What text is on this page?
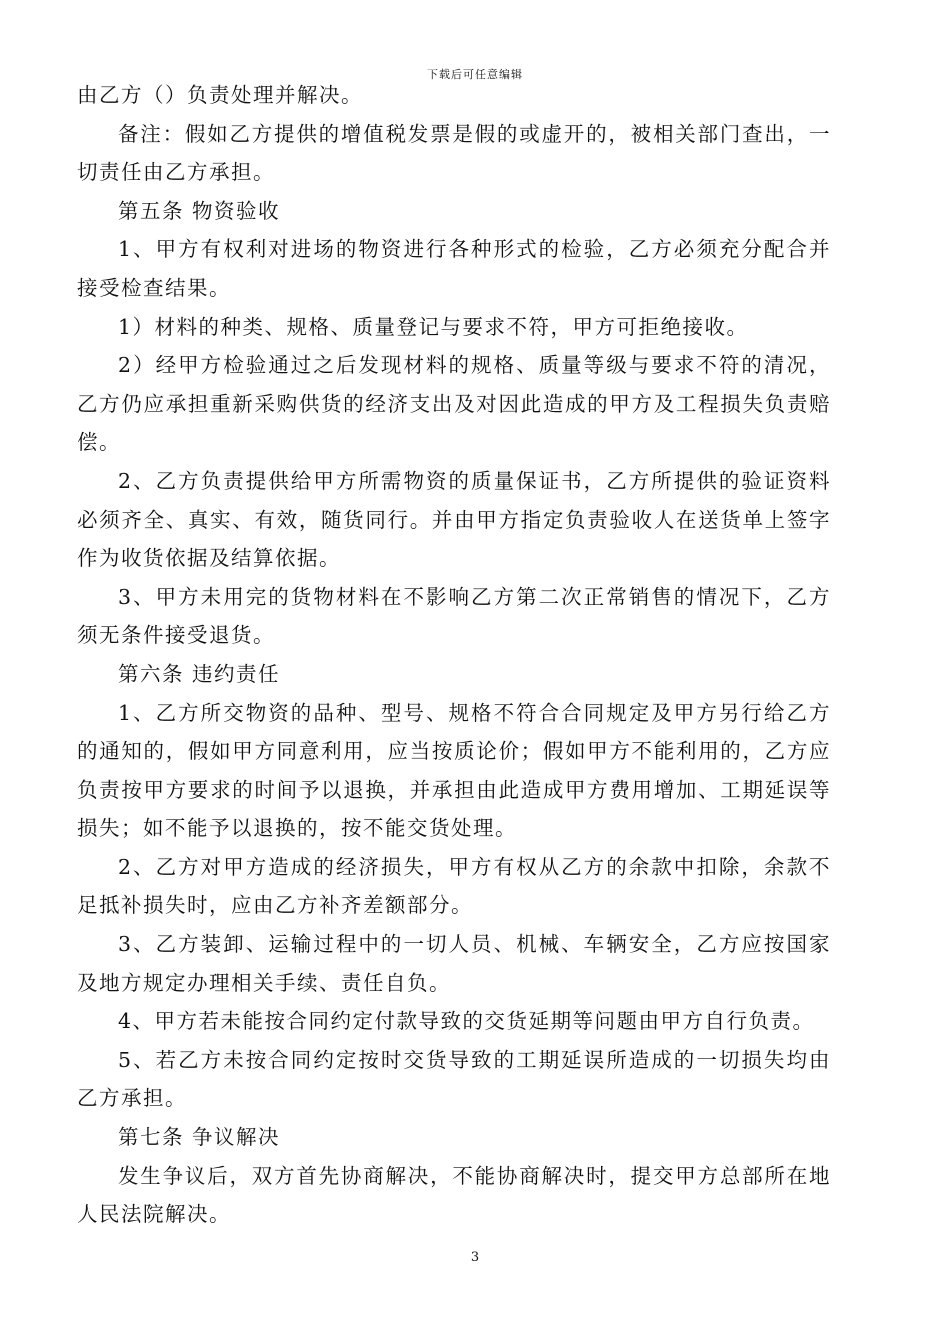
下载后可任意编辑

由乙方（）负责处理并解决。

备注：假如乙方提供的增值税发票是假的或虚开的，被相关部门查出，一切责任由乙方承担。

第五条 物资验收

1、甲方有权利对进场的物资进行各种形式的检验，乙方必须充分配合并接受检查结果。

1）材料的种类、规格、质量登记与要求不符，甲方可拒绝接收。

2）经甲方检验通过之后发现材料的规格、质量等级与要求不符的清况，乙方仍应承担重新采购供货的经济支出及对因此造成的甲方及工程损失负责赔偿。

2、乙方负责提供给甲方所需物资的质量保证书，乙方所提供的验证资料必须齐全、真实、有效，随货同行。并由甲方指定负责验收人在送货单上签字作为收货依据及结算依据。

3、甲方未用完的货物材料在不影响乙方第二次正常销售的情况下，乙方须无条件接受退货。

第六条 违约责任

1、乙方所交物资的品种、型号、规格不符合合同规定及甲方另行给乙方的通知的，假如甲方同意利用，应当按质论价；假如甲方不能利用的，乙方应负责按甲方要求的时间予以退换，并承担由此造成甲方费用增加、工期延误等损失；如不能予以退换的，按不能交货处理。

2、乙方对甲方造成的经济损失，甲方有权从乙方的余款中扣除，余款不足抵补损失时，应由乙方补齐差额部分。

3、乙方装卸、运输过程中的一切人员、机械、车辆安全，乙方应按国家及地方规定办理相关手续、责任自负。

4、甲方若未能按合同约定付款导致的交货延期等问题由甲方自行负责。

5、若乙方未按合同约定按时交货导致的工期延误所造成的一切损失均由乙方承担。

第七条 争议解决

发生争议后，双方首先协商解决，不能协商解决时，提交甲方总部所在地人民法院解决。

3
